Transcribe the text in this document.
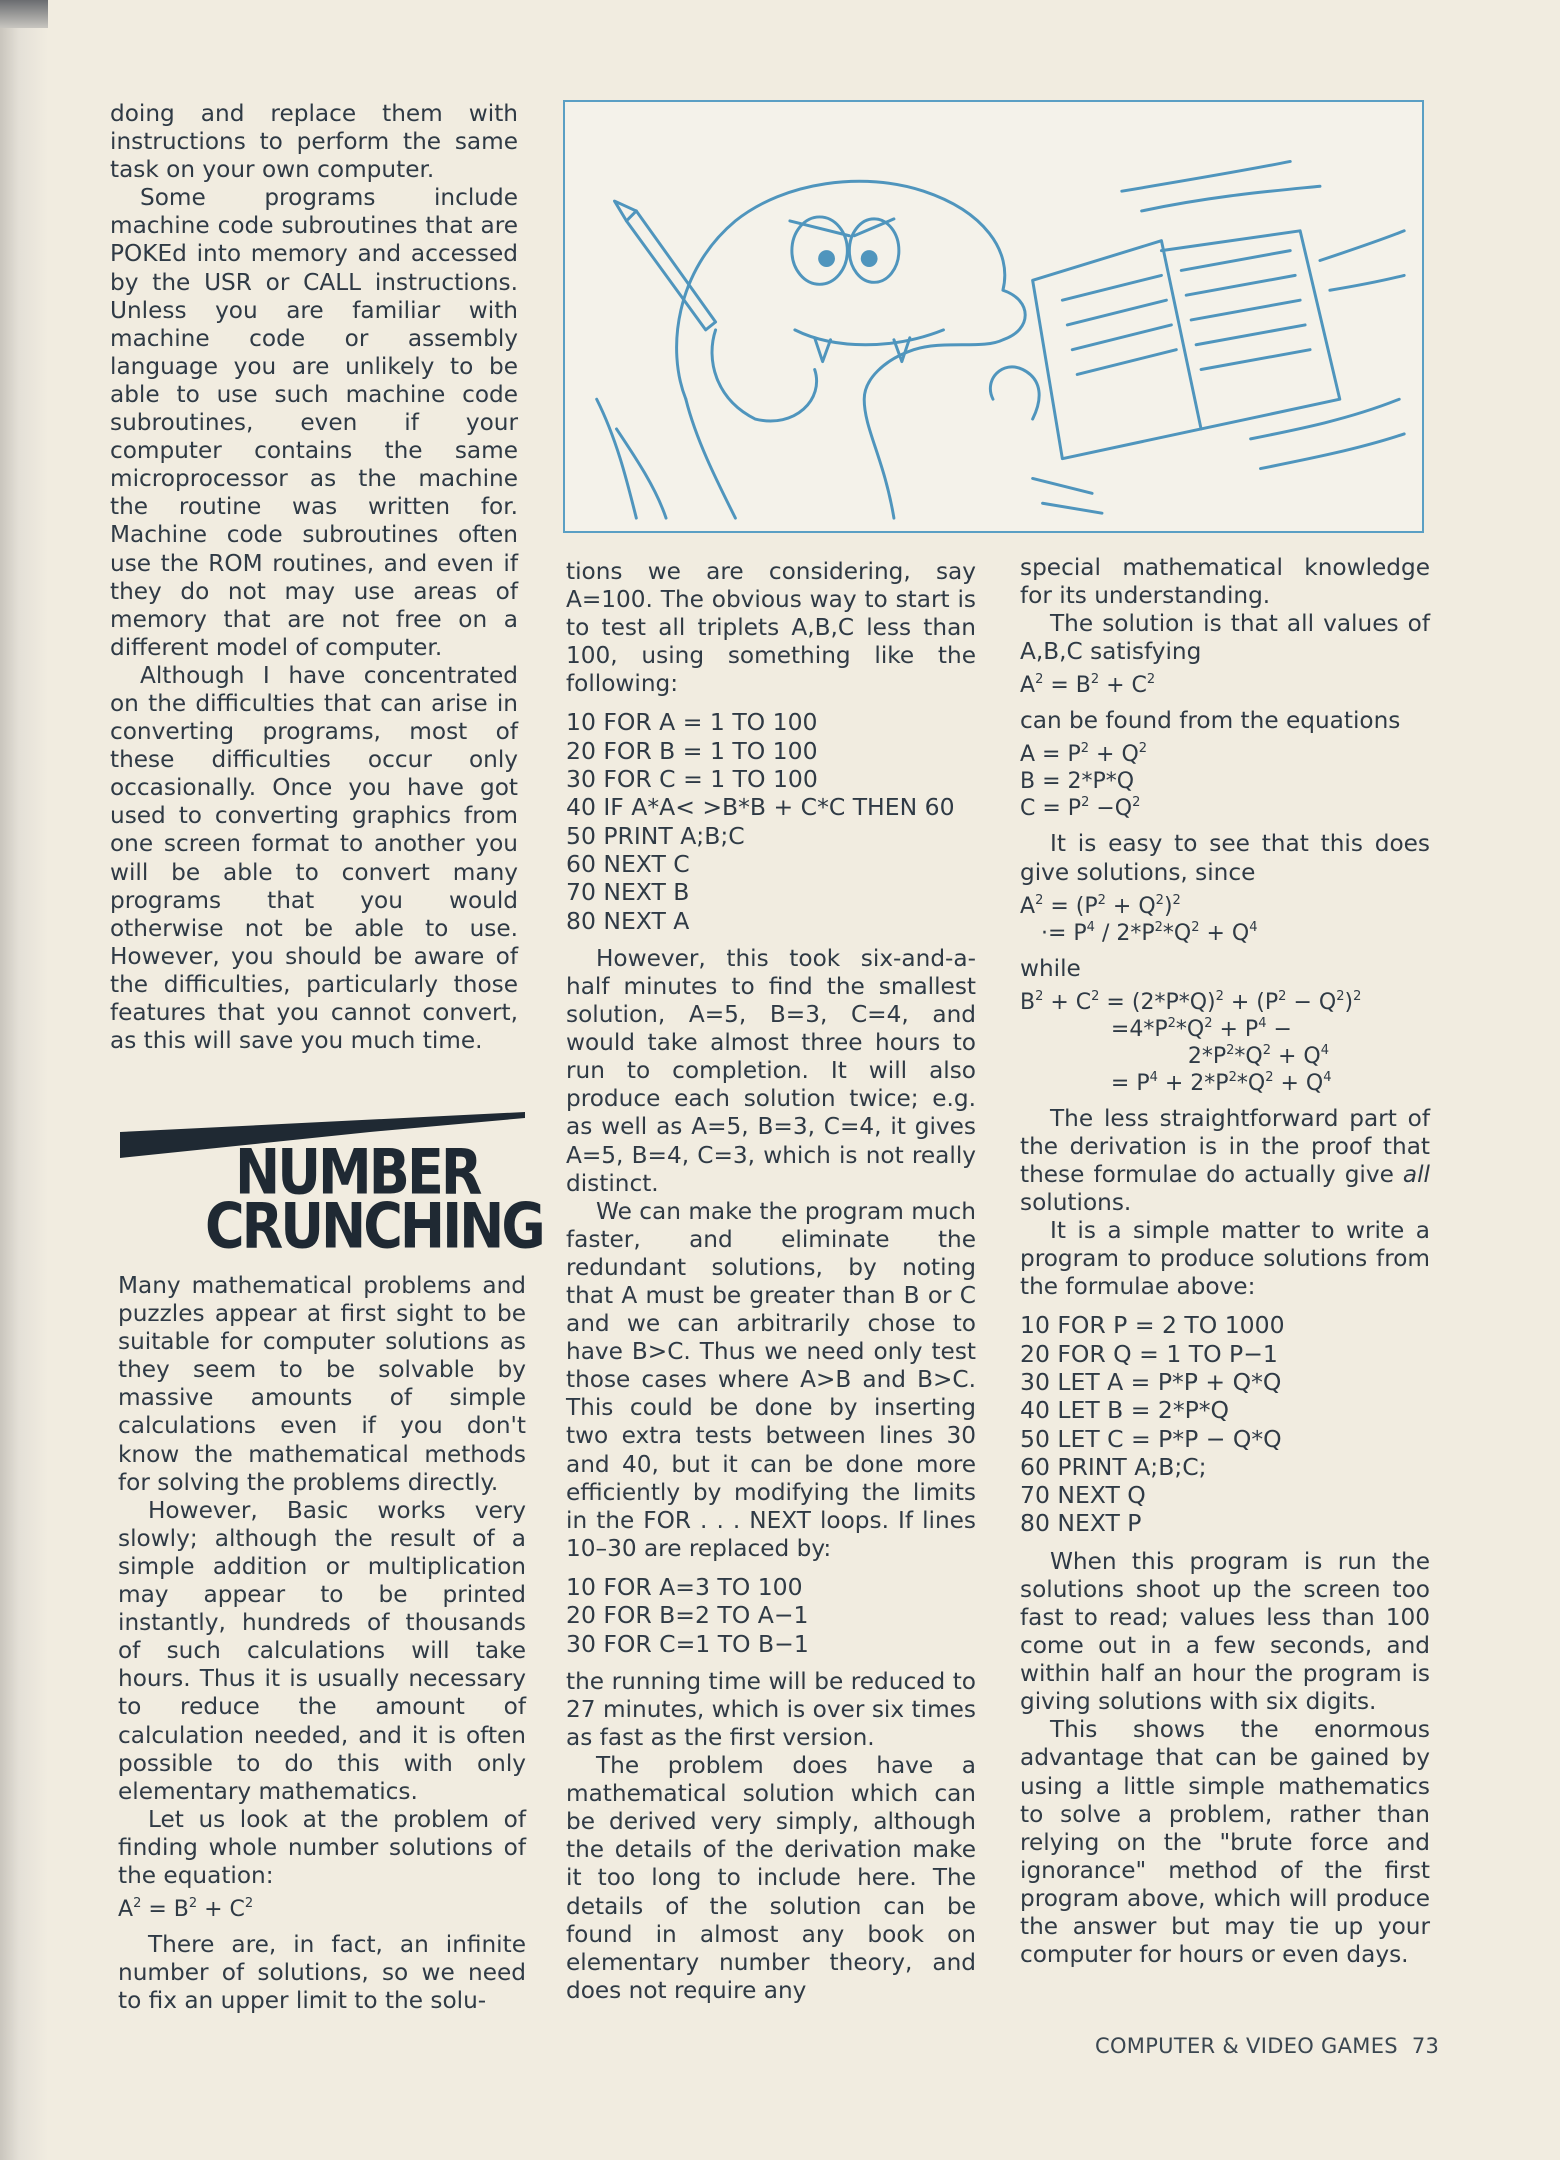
doing and replace them with instructions to perform the same task on your own computer.

Some programs include machine code subroutines that are POKEd into memory and accessed by the USR or CALL instructions. Unless you are familiar with machine code or assembly language you are unlikely to be able to use such machine code subroutines, even if your computer contains the same microprocessor as the machine the routine was written for. Machine code subroutines often use the ROM routines, and even if they do not may use areas of memory that are not free on a different model of computer.

Although I have concentrated on the difficulties that can arise in converting programs, most of these difficulties occur only occasionally. Once you have got used to converting graphics from one screen format to another you will be able to convert many programs that you would otherwise not be able to use. However, you should be aware of the difficulties, particularly those features that you cannot convert, as this will save you much time.

NUMBER
CRUNCHING

Many mathematical problems and puzzles appear at first sight to be suitable for computer solutions as they seem to be solvable by massive amounts of simple calculations even if you don't know the mathematical methods for solving the problems directly.

However, Basic works very slowly; although the result of a simple addition or multiplication may appear to be printed instantly, hundreds of thousands of such calculations will take hours. Thus it is usually necessary to reduce the amount of calculation needed, and it is often possible to do this with only elementary mathematics.

Let us look at the problem of finding whole number solutions of the equation:

$A^2 = B^2 + C^2$

There are, in fact, an infinite number of solutions, so we need to fix an upper limit to the solu-

tions we are considering, say A=100. The obvious way to start is to test all triplets A,B,C less than 100, using something like the following:

10 FOR A = 1 TO 100
20 FOR B = 1 TO 100
30 FOR C = 1 TO 100
40 IF A*A< >B*B + C*C THEN 60
50 PRINT A;B;C
60 NEXT C
70 NEXT B
80 NEXT A

However, this took six-and-a-half minutes to find the smallest solution, A=5, B=3, C=4, and would take almost three hours to run to completion. It will also produce each solution twice; e.g. as well as A=5, B=3, C=4, it gives A=5, B=4, C=3, which is not really distinct.

We can make the program much faster, and eliminate the redundant solutions, by noting that A must be greater than B or C and we can arbitrarily chose to have B>C. Thus we need only test those cases where A>B and B>C. This could be done by inserting two extra tests between lines 30 and 40, but it can be done more efficiently by modifying the limits in the FOR . . . NEXT loops. If lines 10–30 are replaced by:

10 FOR A=3 TO 100
20 FOR B=2 TO A−1
30 FOR C=1 TO B−1

the running time will be reduced to 27 minutes, which is over six times as fast as the first version.

The problem does have a mathematical solution which can be derived very simply, although the details of the derivation make it too long to include here. The details of the solution can be found in almost any book on elementary number theory, and does not require any

special mathematical knowledge for its understanding.

The solution is that all values of A,B,C satisfying

$A^2 = B^2 + C^2$

can be found from the equations

$A = P^2 + Q^2$
B = 2*P*Q
$C = P^2 -Q^2$

It is easy to see that this does give solutions, since

$A^2 = (P^2 + Q^2)^2$
·= $P^4 / 2*P^2*Q^2 + Q^4$

while

$B^2 + C^2 = (2*P*Q)^2 + (P^2 - Q^2)^2$
$=4*P^2*Q^2 + P^4$ −
$2*P^2*Q^2 + Q^4$
= $P^4 + 2*P^2*Q^2 + Q^4$

The less straightforward part of the derivation is in the proof that these formulae do actually give all solutions.

It is a simple matter to write a program to produce solutions from the formulae above:

10 FOR P = 2 TO 1000
20 FOR Q = 1 TO P−1
30 LET A = P*P + Q*Q
40 LET B = 2*P*Q
50 LET C = P*P − Q*Q
60 PRINT A;B;C;
70 NEXT Q
80 NEXT P

When this program is run the solutions shoot up the screen too fast to read; values less than 100 come out in a few seconds, and within half an hour the program is giving solutions with six digits.

This shows the enormous advantage that can be gained by using a little simple mathematics to solve a problem, rather than relying on the "brute force and ignorance" method of the first program above, which will produce the answer but may tie up your computer for hours or even days.

COMPUTER & VIDEO GAMES 73
